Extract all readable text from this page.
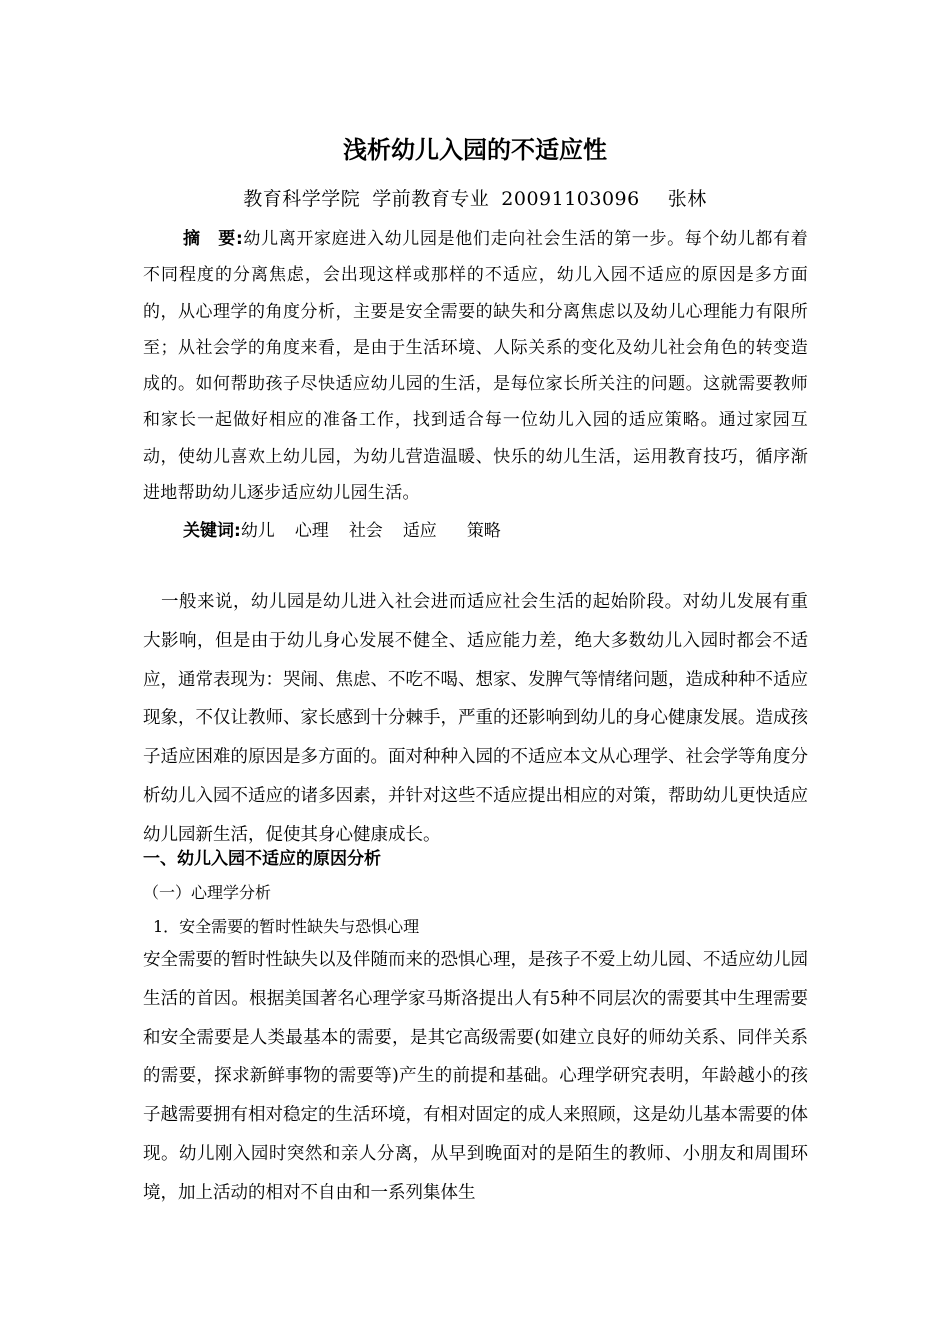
浅析幼儿入园的不适应性
教育科学学院 学前教育专业 20091103096 张林
摘　要:幼儿离开家庭进入幼儿园是他们走向社会生活的第一步。每个幼儿都有着不同程度的分离焦虑，会出现这样或那样的不适应，幼儿入园不适应的原因是多方面的，从心理学的角度分析，主要是安全需要的缺失和分离焦虑以及幼儿心理能力有限所至；从社会学的角度来看，是由于生活环境、人际关系的变化及幼儿社会角色的转变造成的。如何帮助孩子尽快适应幼儿园的生活，是每位家长所关注的问题。这就需要教师和家长一起做好相应的准备工作，找到适合每一位幼儿入园的适应策略。通过家园互动，使幼儿喜欢上幼儿园，为幼儿营造温暖、快乐的幼儿生活，运用教育技巧，循序渐进地帮助幼儿逐步适应幼儿园生活。
关键词:幼儿 心理 社会 适应 策略
一般来说，幼儿园是幼儿进入社会进而适应社会生活的起始阶段。对幼儿发展有重大影响，但是由于幼儿身心发展不健全、适应能力差，绝大多数幼儿入园时都会不适应，通常表现为：哭闹、焦虑、不吃不喝、想家、发脾气等情绪问题，造成种种不适应现象，不仅让教师、家长感到十分棘手，严重的还影响到幼儿的身心健康发展。造成孩子适应困难的原因是多方面的。面对种种入园的不适应本文从心理学、社会学等角度分析幼儿入园不适应的诸多因素，并针对这些不适应提出相应的对策，帮助幼儿更快适应幼儿园新生活，促使其身心健康成长。
一、幼儿入园不适应的原因分析
（一）心理学分析
1．安全需要的暂时性缺失与恐惧心理
安全需要的暂时性缺失以及伴随而来的恐惧心理，是孩子不爱上幼儿园、不适应幼儿园生活的首因。根据美国著名心理学家马斯洛提出人有5种不同层次的需要其中生理需要和安全需要是人类最基本的需要，是其它高级需要(如建立良好的师幼关系、同伴关系的需要，探求新鲜事物的需要等)产生的前提和基础。心理学研究表明，年龄越小的孩子越需要拥有相对稳定的生活环境，有相对固定的成人来照顾，这是幼儿基本需要的体现。幼儿刚入园时突然和亲人分离，从早到晚面对的是陌生的教师、小朋友和周围环境，加上活动的相对不自由和一系列集体生
